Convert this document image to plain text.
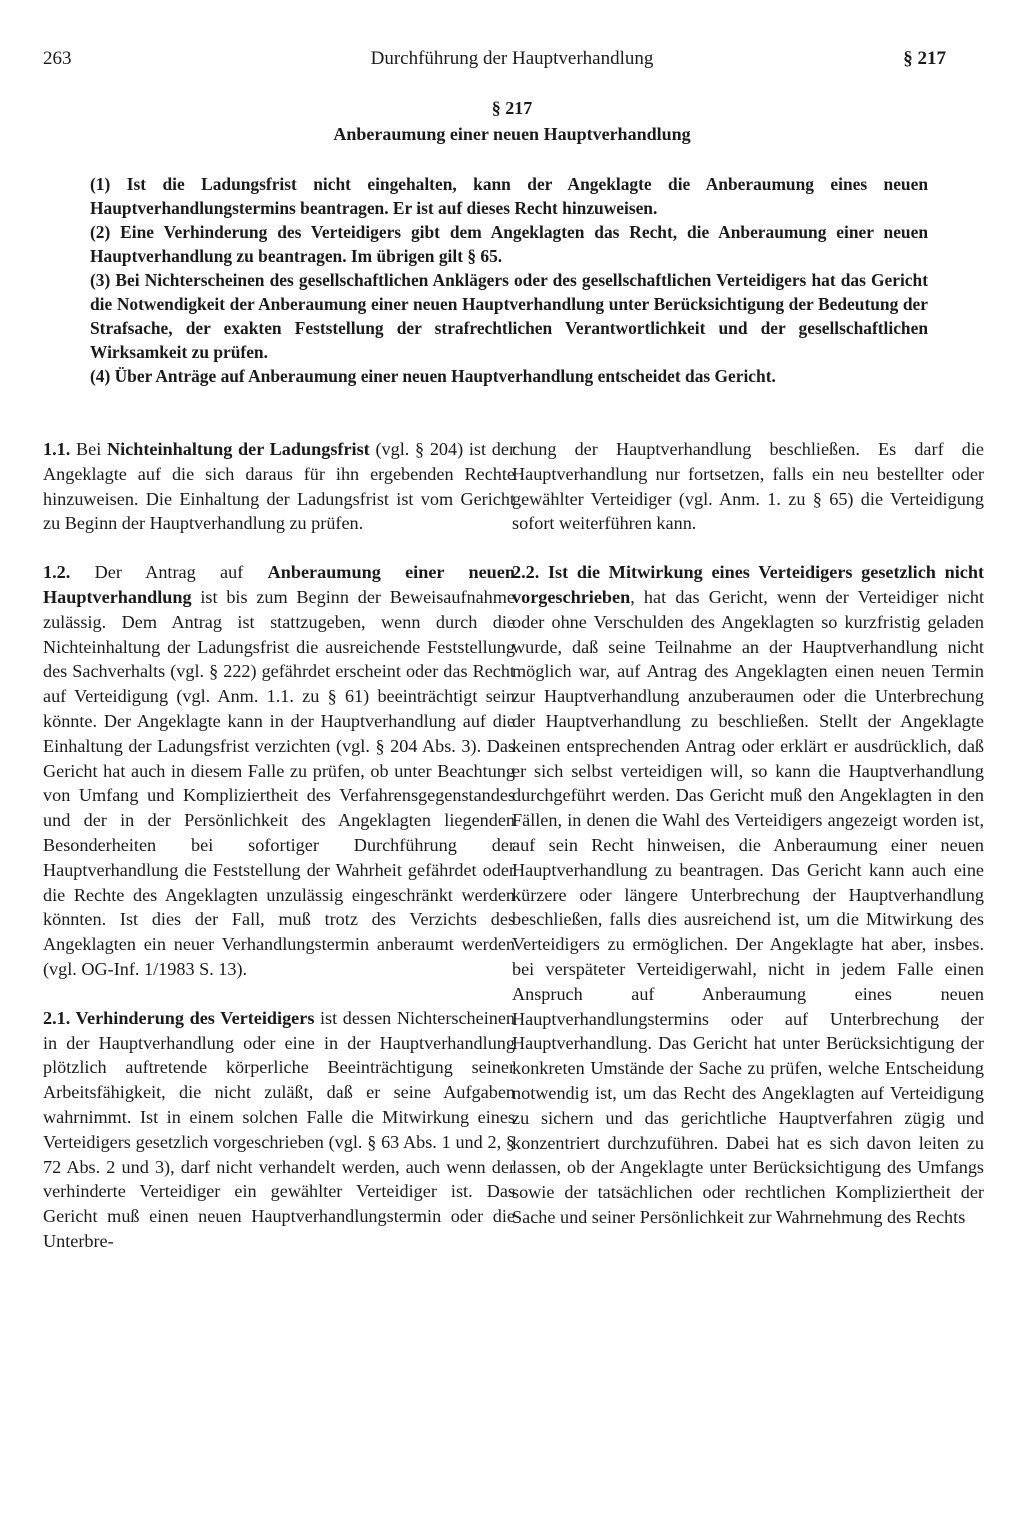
263	Durchführung der Hauptverhandlung	§ 217
§ 217
Anberaumung einer neuen Hauptverhandlung

(1) Ist die Ladungsfrist nicht eingehalten, kann der Angeklagte die Anberaumung eines neuen Hauptverhandlungstermins beantragen. Er ist auf dieses Recht hinzuweisen.

(2) Eine Verhinderung des Verteidigers gibt dem Angeklagten das Recht, die Anberaumung einer neuen Hauptverhandlung zu beantragen. Im übrigen gilt § 65.

(3) Bei Nichterscheinen des gesellschaftlichen Anklägers oder des gesellschaftlichen Verteidigers hat das Gericht die Notwendigkeit der Anberaumung einer neuen Hauptverhandlung unter Berücksichtigung der Bedeutung der Strafsache, der exakten Feststellung der strafrechtlichen Verantwortlichkeit und der gesellschaftlichen Wirksamkeit zu prüfen.

(4) Über Anträge auf Anberaumung einer neuen Hauptverhandlung entscheidet das Gericht.

1.1. Bei Nichteinhaltung der Ladungsfrist (vgl. § 204) ist der Angeklagte auf die sich daraus für ihn ergebenden Rechte hinzuweisen. Die Einhaltung der Ladungsfrist ist vom Gericht zu Beginn der Hauptverhandlung zu prüfen.

1.2. Der Antrag auf Anberaumung einer neuen Hauptverhandlung ist bis zum Beginn der Beweisaufnahme zulässig. Dem Antrag ist stattzugeben, wenn durch die Nichteinhaltung der Ladungsfrist die ausreichende Feststellung des Sachverhalts (vgl. § 222) gefährdet erscheint oder das Recht auf Verteidigung (vgl. Anm. 1.1. zu § 61) beeinträchtigt sein könnte. Der Angeklagte kann in der Hauptverhandlung auf die Einhaltung der Ladungsfrist verzichten (vgl. § 204 Abs. 3). Das Gericht hat auch in diesem Falle zu prüfen, ob unter Beachtung von Umfang und Kompliziertheit des Verfahrensgegenstandes und der in der Persönlichkeit des Angeklagten liegenden Besonderheiten bei sofortiger Durchführung der Hauptverhandlung die Feststellung der Wahrheit gefährdet oder die Rechte des Angeklagten unzulässig eingeschränkt werden könnten. Ist dies der Fall, muß trotz des Verzichts des Angeklagten ein neuer Verhandlungstermin anberaumt werden (vgl. OG-Inf. 1/1983 S. 13).

2.1. Verhinderung des Verteidigers ist dessen Nichterscheinen in der Hauptverhandlung oder eine in der Hauptverhandlung plötzlich auftretende körperliche Beeinträchtigung seiner Arbeitsfähigkeit, die nicht zuläßt, daß er seine Aufgaben wahrnimmt. Ist in einem solchen Falle die Mitwirkung eines Verteidigers gesetzlich vorgeschrieben (vgl. § 63 Abs. 1 und 2, § 72 Abs. 2 und 3), darf nicht verhandelt werden, auch wenn der verhinderte Verteidiger ein gewählter Verteidiger ist. Das Gericht muß einen neuen Hauptverhandlungstermin oder die Unterbre-

chung der Hauptverhandlung beschließen. Es darf die Hauptverhandlung nur fortsetzen, falls ein neu bestellter oder gewählter Verteidiger (vgl. Anm. 1. zu § 65) die Verteidigung sofort weiterführen kann.

2.2. Ist die Mitwirkung eines Verteidigers gesetzlich nicht vorgeschrieben, hat das Gericht, wenn der Verteidiger nicht oder ohne Verschulden des Angeklagten so kurzfristig geladen wurde, daß seine Teilnahme an der Hauptverhandlung nicht möglich war, auf Antrag des Angeklagten einen neuen Termin zur Hauptverhandlung anzuberaumen oder die Unterbrechung der Hauptverhandlung zu beschließen. Stellt der Angeklagte keinen entsprechenden Antrag oder erklärt er ausdrücklich, daß er sich selbst verteidigen will, so kann die Hauptverhandlung durchgeführt werden. Das Gericht muß den Angeklagten in den Fällen, in denen die Wahl des Verteidigers angezeigt worden ist, auf sein Recht hinweisen, die Anberaumung einer neuen Hauptverhandlung zu beantragen. Das Gericht kann auch eine kürzere oder längere Unterbrechung der Hauptverhandlung beschließen, falls dies ausreichend ist, um die Mitwirkung des Verteidigers zu ermöglichen. Der Angeklagte hat aber, insbes. bei verspäteter Verteidigerwahl, nicht in jedem Falle einen Anspruch auf Anberaumung eines neuen Hauptverhandlungstermins oder auf Unterbrechung der Hauptverhandlung. Das Gericht hat unter Berücksichtigung der konkreten Umstände der Sache zu prüfen, welche Entscheidung notwendig ist, um das Recht des Angeklagten auf Verteidigung zu sichern und das gerichtliche Hauptverfahren zügig und konzentriert durchzuführen. Dabei hat es sich davon leiten zu lassen, ob der Angeklagte unter Berücksichtigung des Umfangs sowie der tatsächlichen oder rechtlichen Kompliziertheit der Sache und seiner Persönlichkeit zur Wahrnehmung des Rechts
